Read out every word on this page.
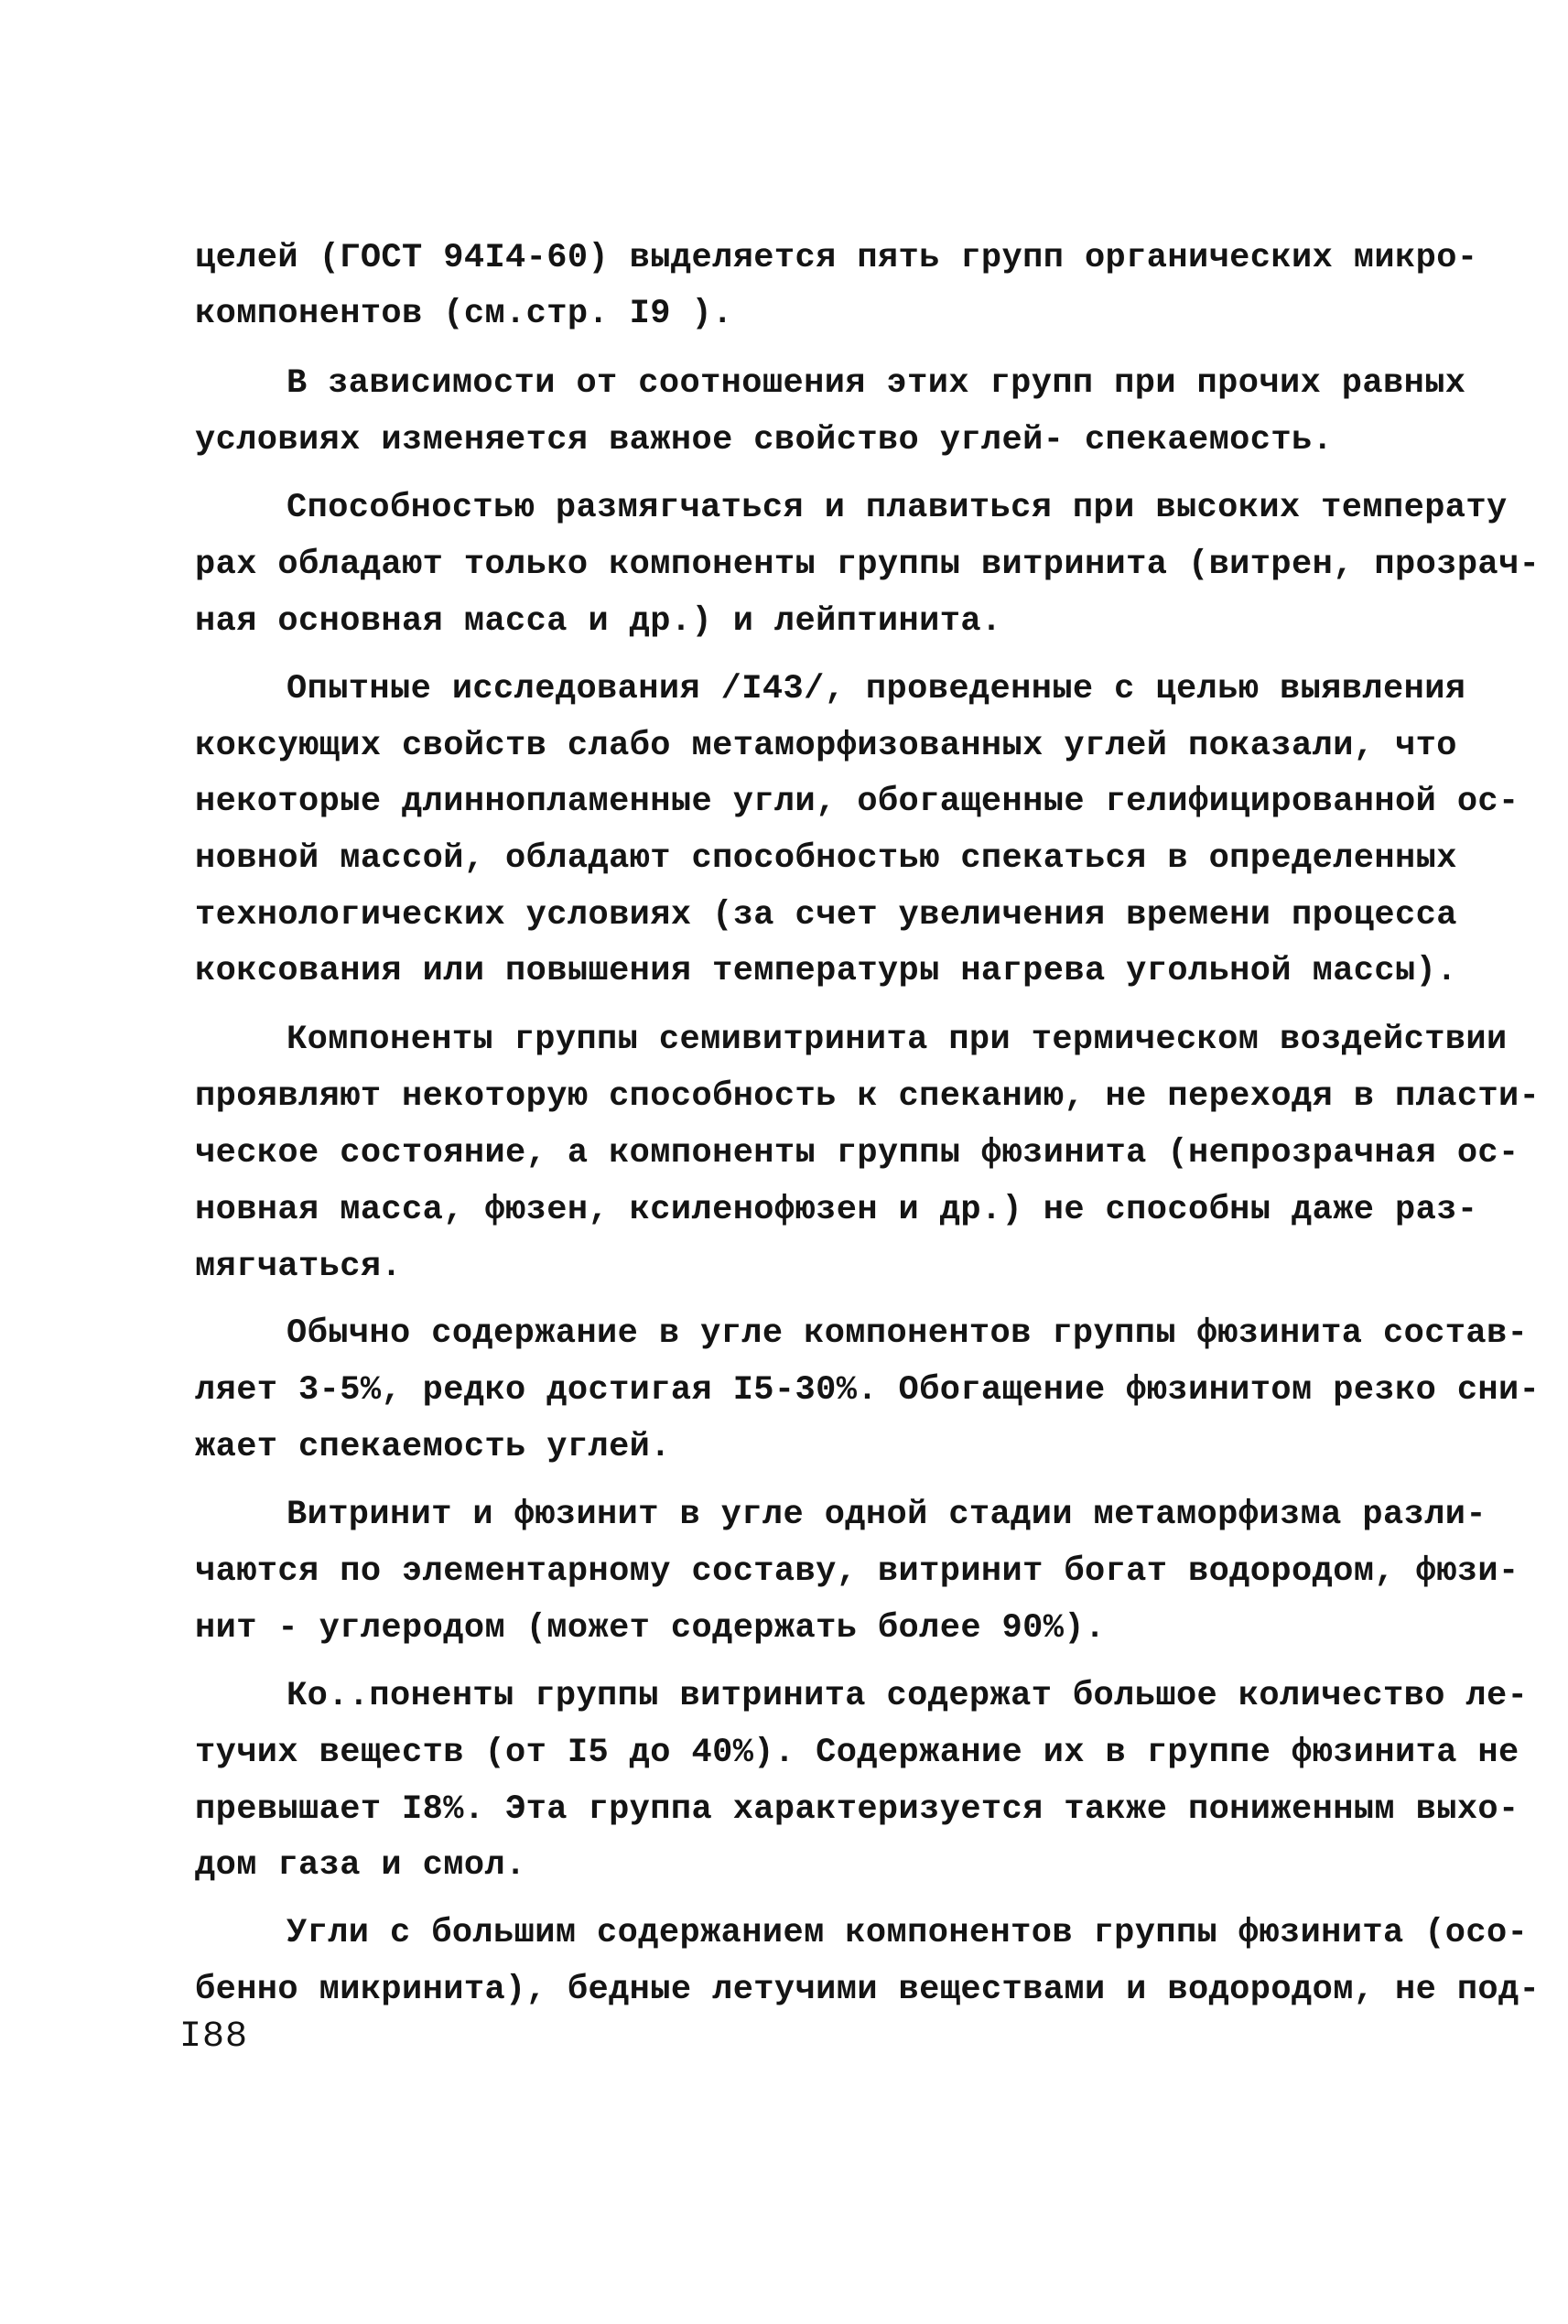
целей (ГОСТ 94I4-60) выделяется пять групп органических микро-
компонентов (см.стр. I9 ).
В зависимости от соотношения этих групп при прочих равных
условиях изменяется важное свойство углей- спекаемость.
Способностью размягчаться и плавиться при высоких температу
рах обладают только компоненты группы витринита (витрен, прозрач-
ная основная масса и др.) и лейптинита.
Опытные исследования /I43/, проведенные с целью выявления
коксующих свойств слабо метаморфизованных углей показали, что
некоторые длиннопламенные угли, обогащенные гелифицированной ос-
новной массой, обладают способностью спекаться в определенных
технологических условиях (за счет увеличения времени процесса
коксования или повышения температуры нагрева угольной массы).
Компоненты группы семивитринита при термическом воздействии
проявляют некоторую способность к спеканию, не переходя в пласти-
ческое состояние, а компоненты группы фюзинита (непрозрачная ос-
новная масса, фюзен, ксиленофюзен и др.) не способны даже раз-
мягчаться.
Обычно содержание в угле компонентов группы фюзинита состав-
ляет 3-5%, редко достигая I5-30%. Обогащение фюзинитом резко сни-
жает спекаемость углей.
Витринит и фюзинит в угле одной стадии метаморфизма разли-
чаются по элементарному составу, витринит богат водородом, фюзи-
нит - углеродом (может содержать более 90%).
Ко..поненты группы витринита содержат большое количество ле-
тучих веществ (от I5 до 40%). Содержание их в группе фюзинита не
превышает I8%. Эта группа характеризуется также пониженным выхо-
дом газа и смол.
Угли с большим содержанием компонентов группы фюзинита (осо-
бенно микринита), бедные летучими веществами и водородом, не под-
I88
